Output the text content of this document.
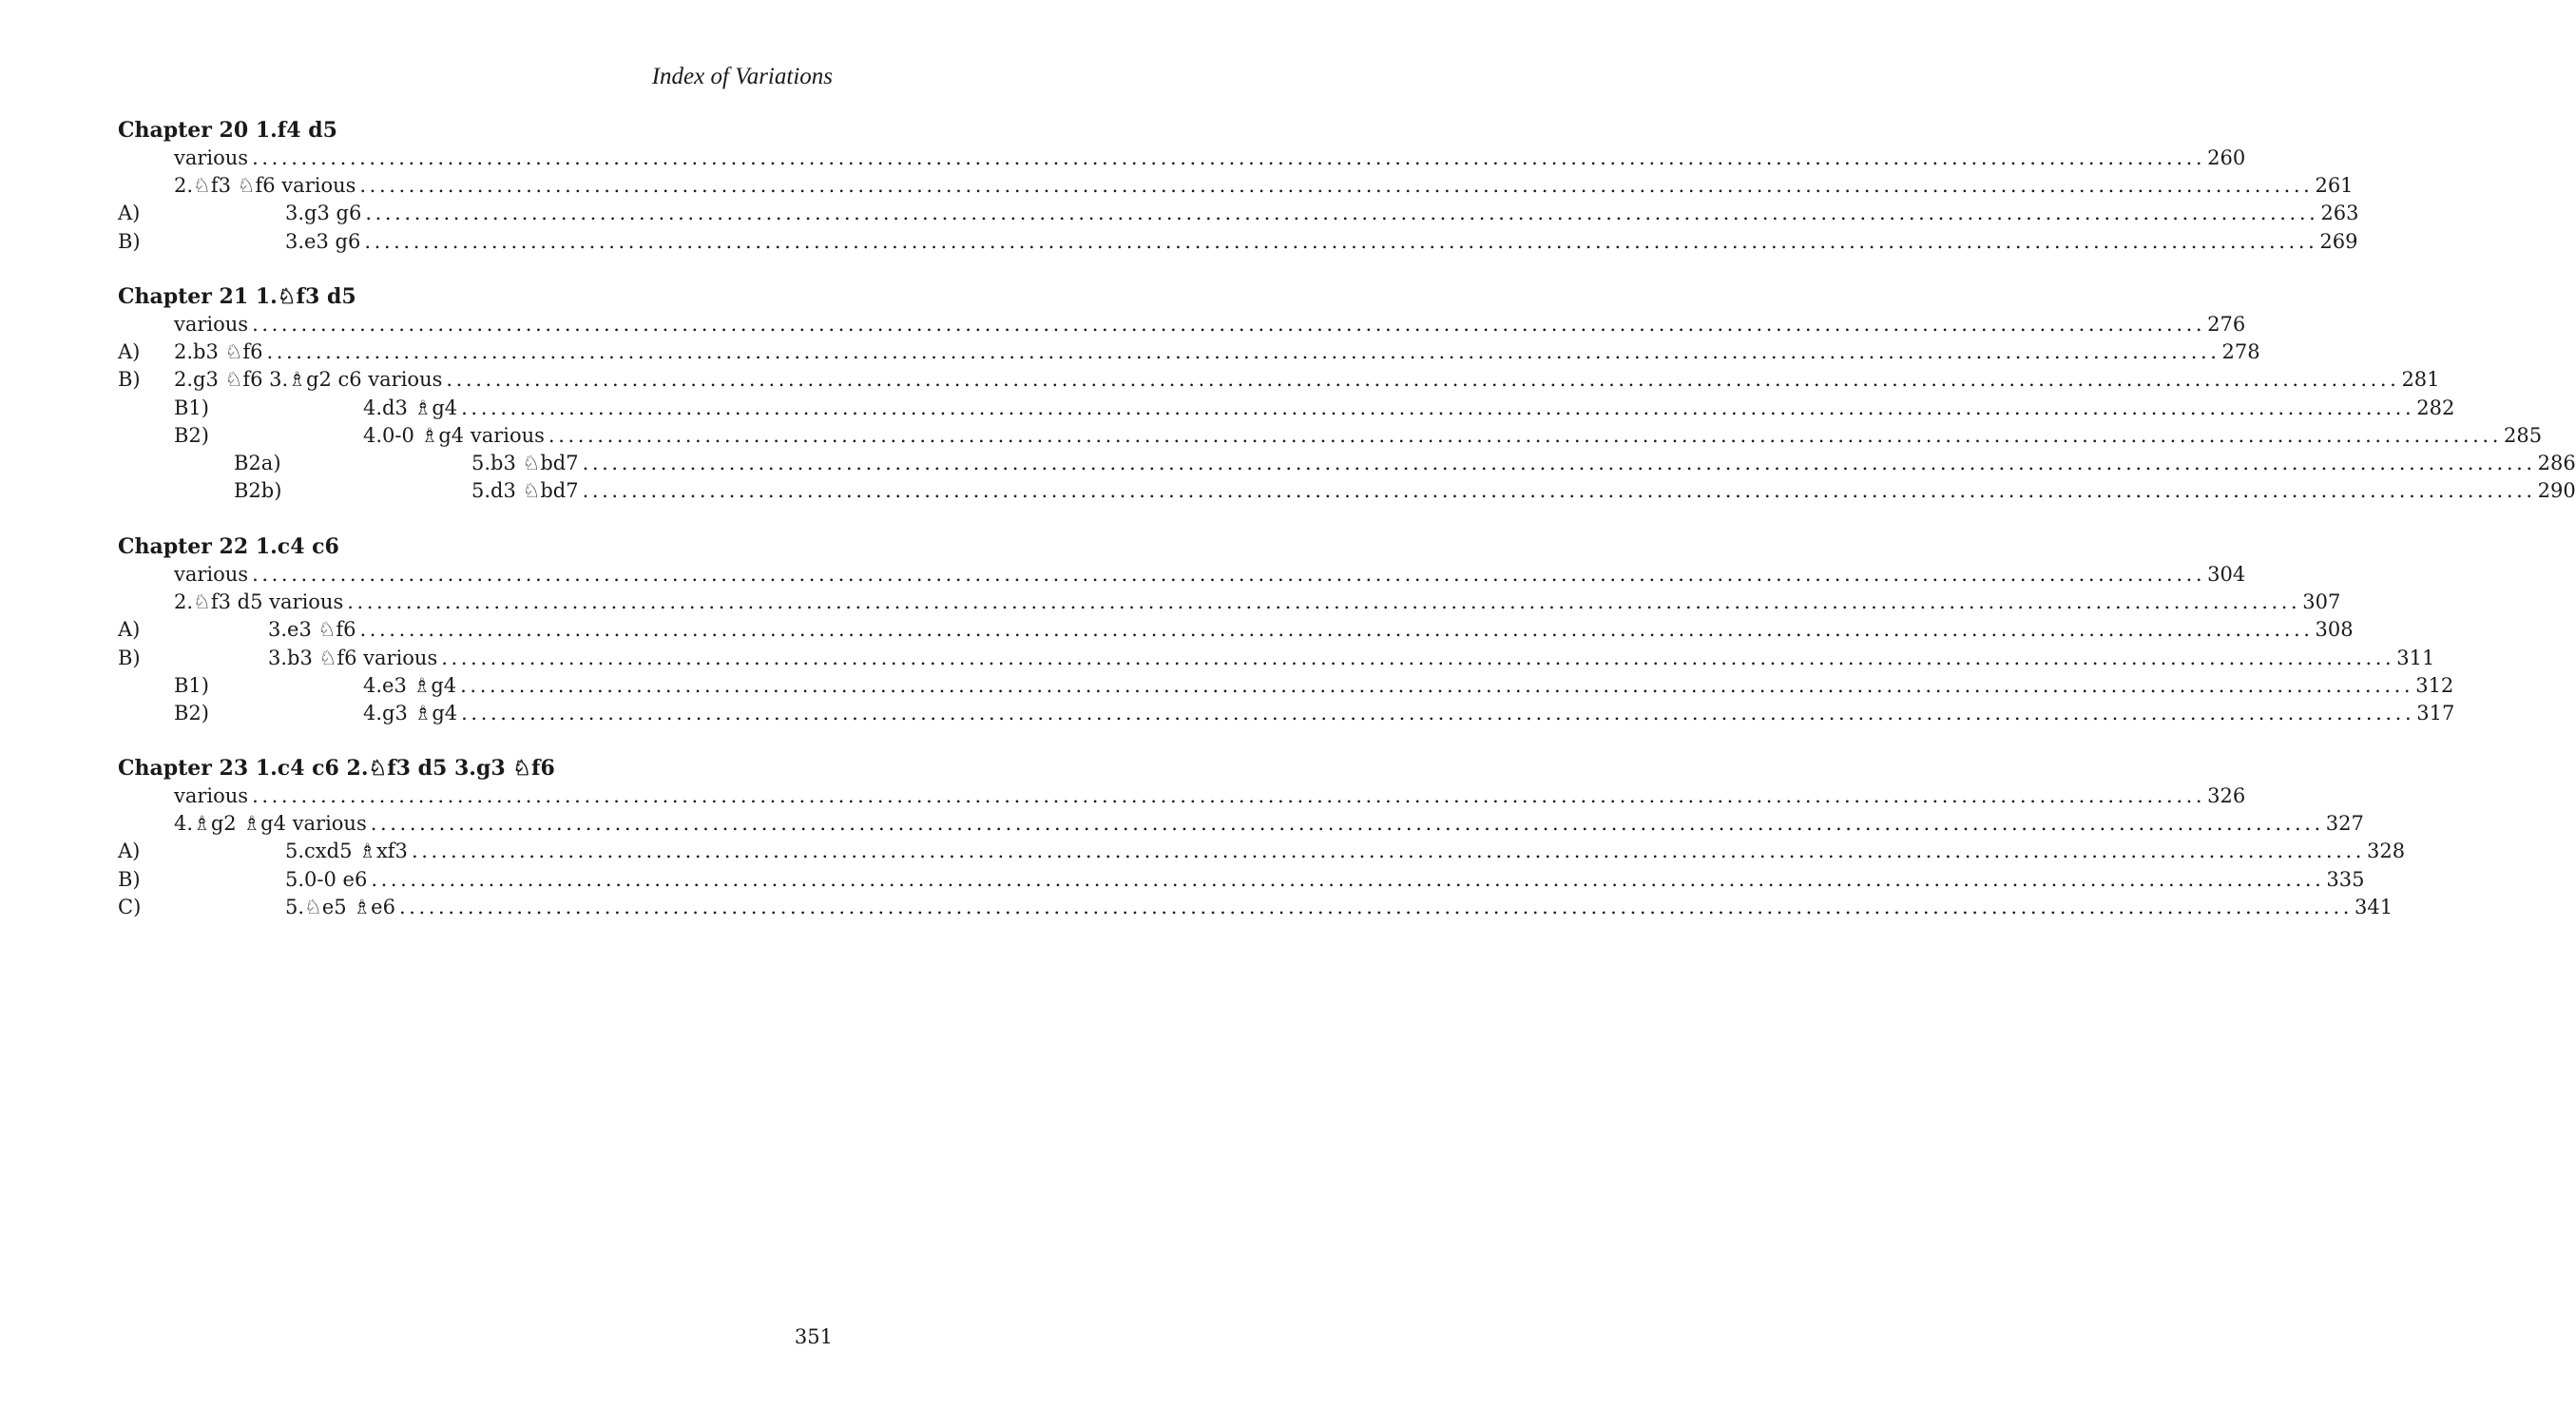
Index of Variations
Chapter 20 1.f4 d5
various ........................................................................................................................................................................................................ 260
2.♘f3 ♘f6 various ........................................................................................................................................................................................................ 261
A)	3.g3 g6 ........................................................................................................................................................................................................ 263
B)	3.e3 g6 ........................................................................................................................................................................................................ 269
Chapter 21 1.♘f3 d5
various ........................................................................................................................................................................................................ 276
A) 2.b3 ♘f6 ........................................................................................................................................................................................................ 278
B) 2.g3 ♘f6 3.♗g2 c6 various ........................................................................................................................................................................................................ 281
B1)	4.d3 ♗g4 ........................................................................................................................................................................................................ 282
B2)	4.0-0 ♗g4 various ........................................................................................................................................................................................................ 285
B2a)	5.b3 ♘bd7 ........................................................................................................................................................................................................ 286
B2b)	5.d3 ♘bd7 ........................................................................................................................................................................................................ 290
Chapter 22 1.c4 c6
various ........................................................................................................................................................................................................ 304
2.♘f3 d5 various ........................................................................................................................................................................................................ 307
A)	3.e3 ♘f6 ........................................................................................................................................................................................................ 308
B)	3.b3 ♘f6 various ........................................................................................................................................................................................................ 311
B1)	4.e3 ♗g4 ........................................................................................................................................................................................................ 312
B2)	4.g3 ♗g4 ........................................................................................................................................................................................................ 317
Chapter 23 1.c4 c6 2.♘f3 d5 3.g3 ♘f6
various ........................................................................................................................................................................................................ 326
4.♗g2 ♗g4 various ........................................................................................................................................................................................................ 327
A)	5.cxd5 ♗xf3 ........................................................................................................................................................................................................ 328
B)	5.0-0 e6 ........................................................................................................................................................................................................ 335
C)	5.♘e5 ♗e6 ........................................................................................................................................................................................................ 341
351
